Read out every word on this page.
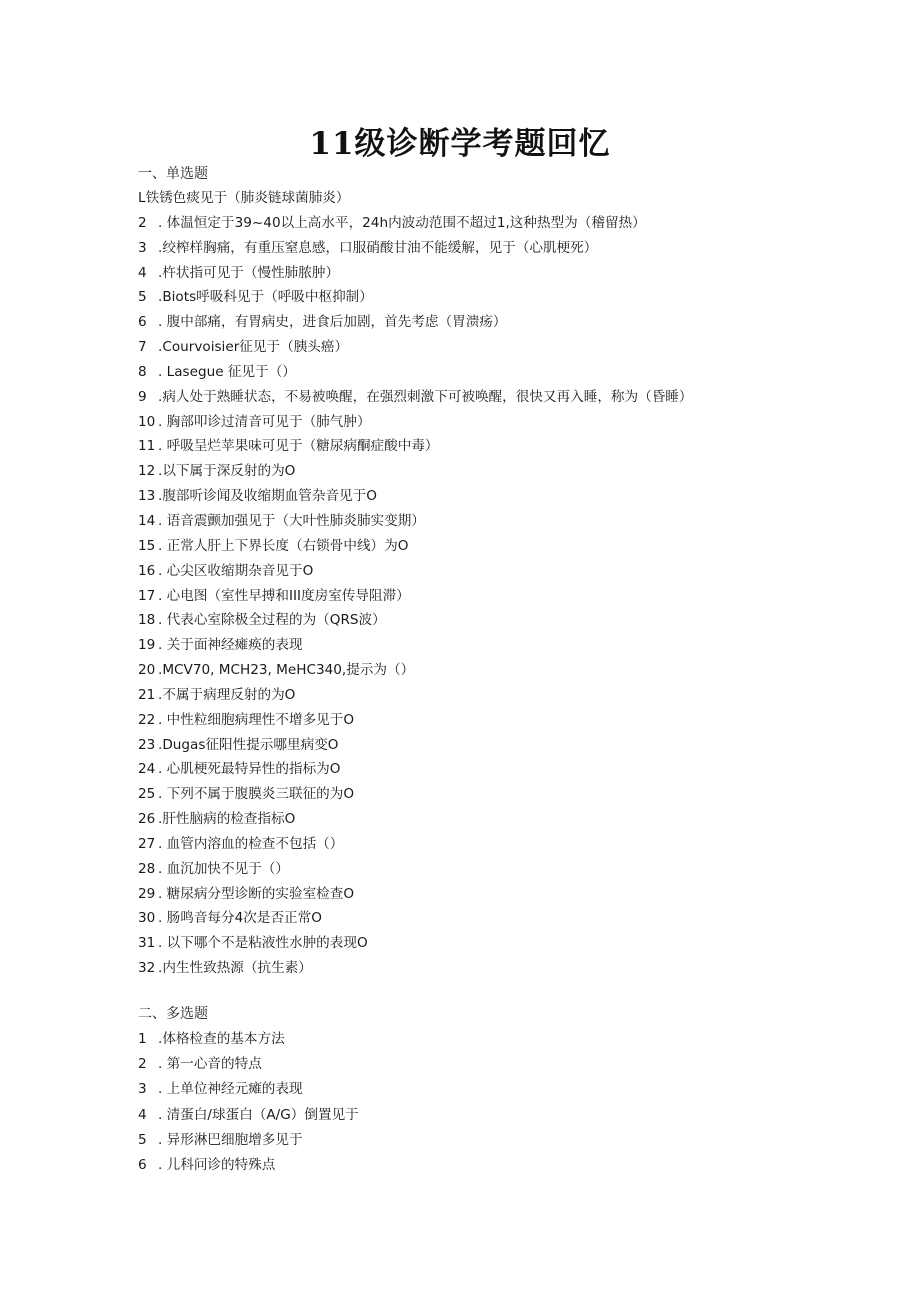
11级诊断学考题回忆
一、单选题
L铁锈色痰见于（肺炎链球菌肺炎）
2 . 体温恒定于39~40以上高水平，24h内波动范围不超过1,这种热型为（稽留热）
3 .绞榨样胸痛，有重压窒息感，口服硝酸甘油不能缓解，见于（心肌梗死）
4 .杵状指可见于（慢性肺脓肿）
5 .Biots呼吸科见于（呼吸中枢抑制）
6 . 腹中部痛，有胃病史，进食后加剧，首先考虑（胃溃疡）
7 .Courvoisier征见于（胰头癌）
8 . Lasegue 征见于（）
9 .病人处于熟睡状态，不易被唤醒，在强烈刺激下可被唤醒，很快又再入睡，称为（昏睡）
10 . 胸部叩诊过清音可见于（肺气肿）
11 . 呼吸呈烂苹果味可见于（糖尿病酮症酸中毒）
12 .以下属于深反射的为O
13 .腹部听诊闻及收缩期血管杂音见于O
14 . 语音震颤加强见于（大叶性肺炎肺实变期）
15 . 正常人肝上下界长度（右锁骨中线）为O
16 . 心尖区收缩期杂音见于O
17 . 心电图（室性早搏和III度房室传导阻滞）
18 . 代表心室除极全过程的为（QRS波）
19 . 关于面神经瘫痪的表现
20 .MCV70, MCH23, MeHC340,提示为（）
21 .不属于病理反射的为O
22 . 中性粒细胞病理性不增多见于O
23 .Dugas征阳性提示哪里病变O
24 . 心肌梗死最特异性的指标为O
25 . 下列不属于腹膜炎三联征的为O
26 .肝性脑病的检查指标O
27 . 血管内溶血的检查不包括（）
28 . 血沉加快不见于（）
29 . 糖尿病分型诊断的实验室检查O
30 . 肠鸣音每分4次是否正常O
31 . 以下哪个不是粘液性水肿的表现O
32 .内生性致热源（抗生素）
二、多选题
1 .体格检查的基本方法
2 . 第一心音的特点
3 . 上单位神经元瘫的表现
4 . 清蛋白/球蛋白（A/G）倒置见于
5 . 异形淋巴细胞增多见于
6 . 儿科问诊的特殊点
